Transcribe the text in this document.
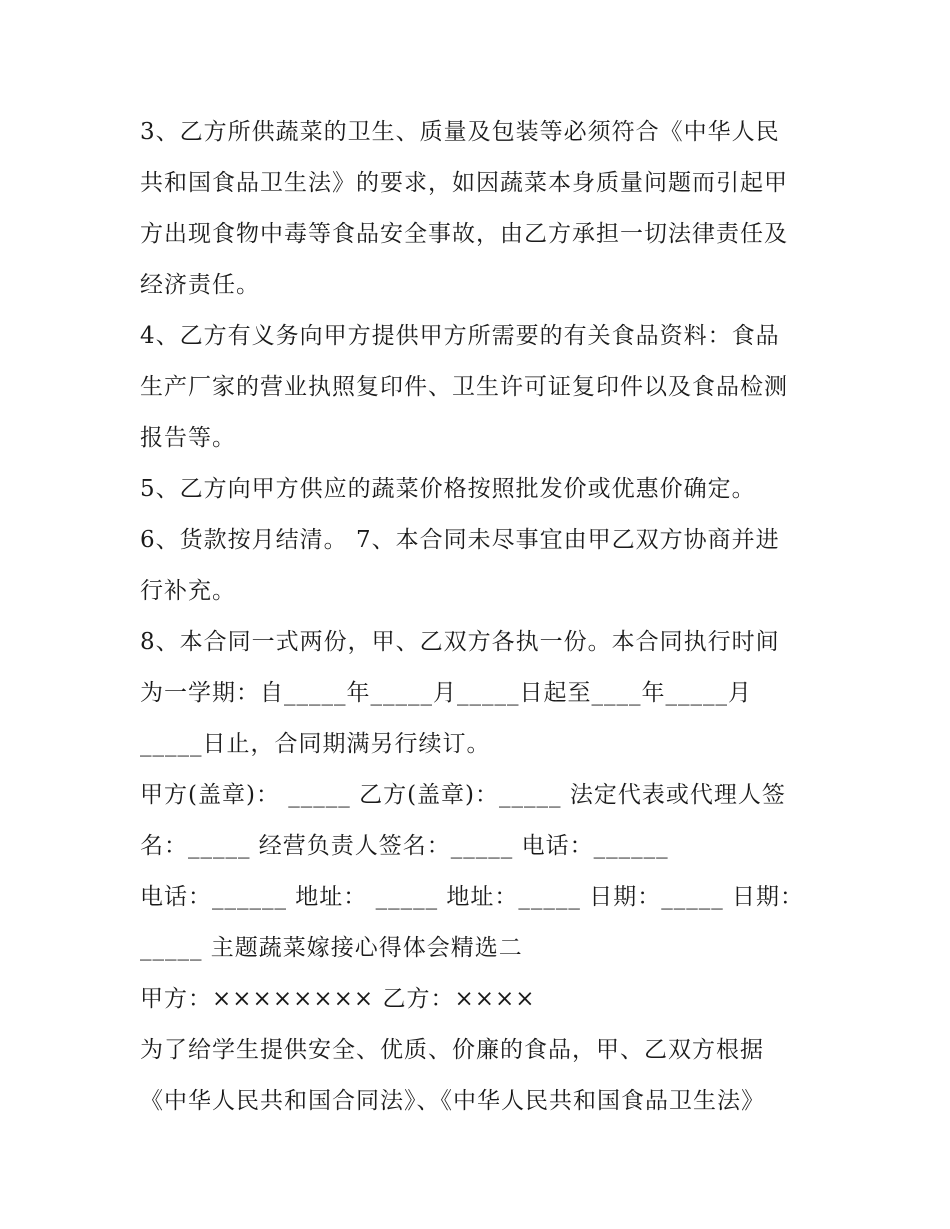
3、乙方所供蔬菜的卫生、质量及包装等必须符合《中华人民
共和国食品卫生法》的要求，如因蔬菜本身质量问题而引起甲
方出现食物中毒等食品安全事故，由乙方承担一切法律责任及
经济责任。
4、乙方有义务向甲方提供甲方所需要的有关食品资料：食品
生产厂家的营业执照复印件、卫生许可证复印件以及食品检测
报告等。
5、乙方向甲方供应的蔬菜价格按照批发价或优惠价确定。
6、货款按月结清。 7、本合同未尽事宜由甲乙双方协商并进
行补充。
8、本合同一式两份，甲、乙双方各执一份。本合同执行时间
为一学期：自_____年_____月_____日起至____年_____月
_____日止，合同期满另行续订。
甲方(盖章)： _____ 乙方(盖章)：_____ 法定代表或代理人签
名：_____ 经营负责人签名：_____ 电话：______
电话：______ 地址： _____ 地址：_____ 日期：_____ 日期：
_____ 主题蔬菜嫁接心得体会精选二
甲方：×××××××× 乙方：××××
为了给学生提供安全、优质、价廉的食品，甲、乙双方根据
《中华人民共和国合同法》、《中华人民共和国食品卫生法》
